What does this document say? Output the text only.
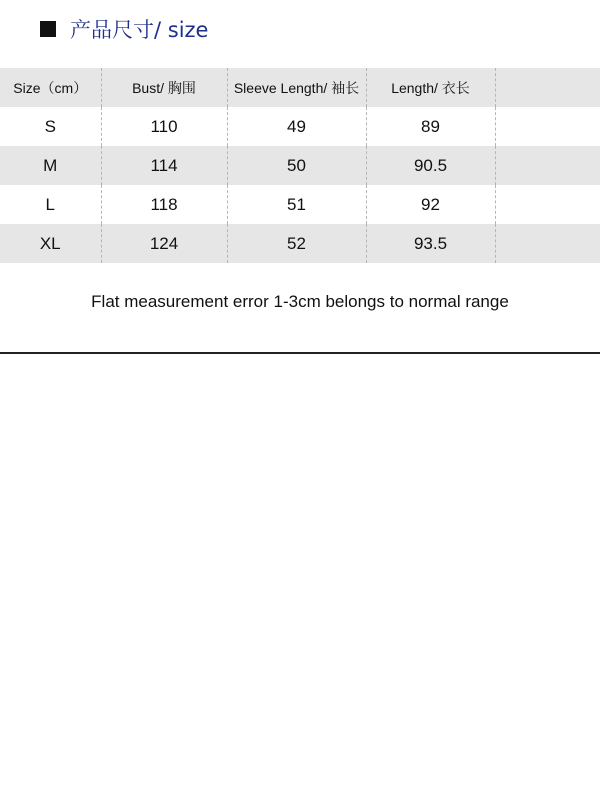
产品尺寸/ size
Size（cm）	Bust/ 胸围	Sleeve Length/ 袖长	Length/ 衣长	
S	110	49	89	
M	114	50	90.5	
L	118	51	92	
XL	124	52	93.5	
Flat measurement error 1-3cm belongs to normal range
